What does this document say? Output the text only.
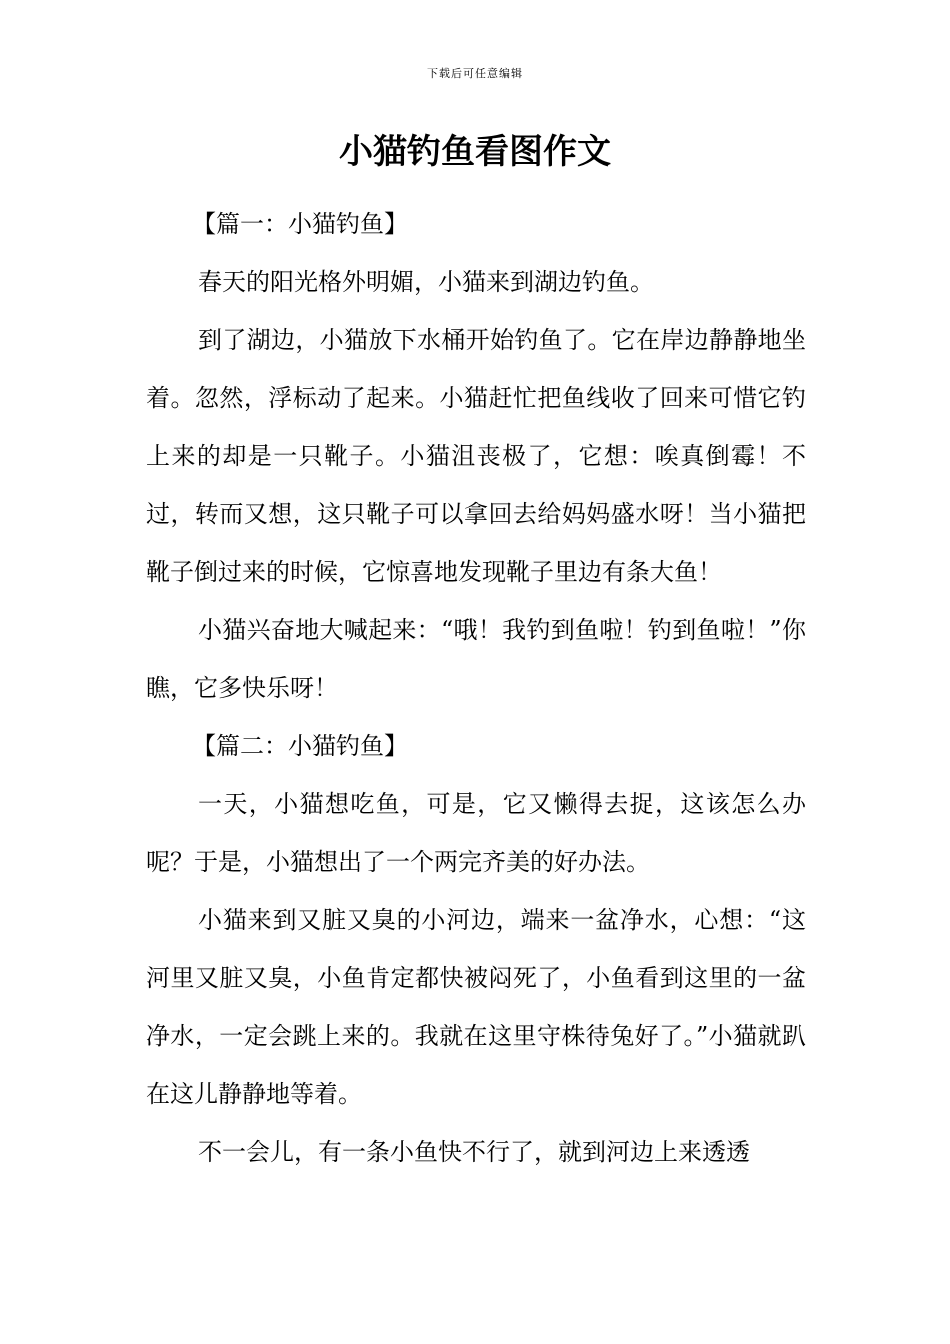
下载后可任意编辑
小猫钓鱼看图作文

【篇一：小猫钓鱼】

春天的阳光格外明媚，小猫来到湖边钓鱼。

到了湖边，小猫放下水桶开始钓鱼了。它在岸边静静地坐着。忽然，浮标动了起来。小猫赶忙把鱼线收了回来可惜它钓上来的却是一只靴子。小猫沮丧极了，它想：唉真倒霉！不过，转而又想，这只靴子可以拿回去给妈妈盛水呀！当小猫把靴子倒过来的时候，它惊喜地发现靴子里边有条大鱼！

小猫兴奋地大喊起来：“哦！我钓到鱼啦！钓到鱼啦！”你瞧，它多快乐呀！

【篇二：小猫钓鱼】

一天，小猫想吃鱼，可是，它又懒得去捉，这该怎么办呢？于是，小猫想出了一个两完齐美的好办法。

小猫来到又脏又臭的小河边，端来一盆净水，心想：“这河里又脏又臭，小鱼肯定都快被闷死了，小鱼看到这里的一盆净水，一定会跳上来的。我就在这里守株待兔好了。”小猫就趴在这儿静静地等着。

不一会儿，有一条小鱼快不行了，就到河边上来透透
